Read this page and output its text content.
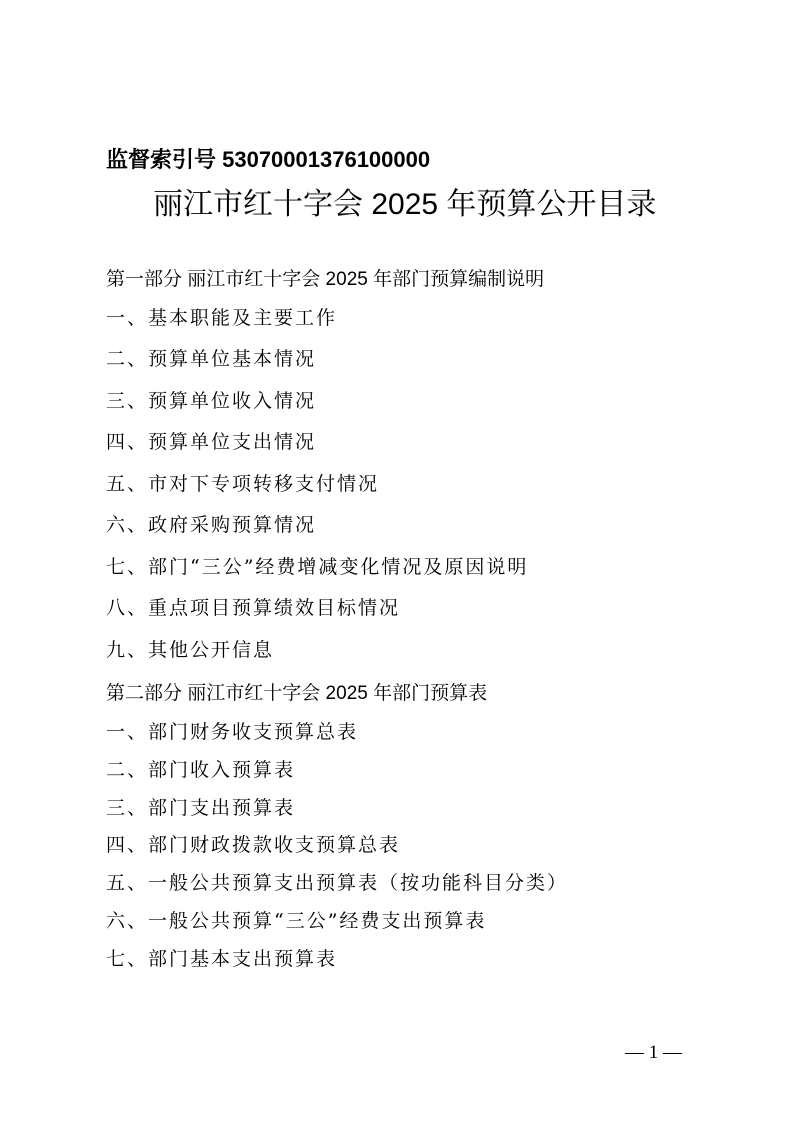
监督索引号 53070001376100000
丽江市红十字会 2025 年预算公开目录
第一部分 丽江市红十字会 2025 年部门预算编制说明
一、基本职能及主要工作
二、预算单位基本情况
三、预算单位收入情况
四、预算单位支出情况
五、市对下专项转移支付情况
六、政府采购预算情况
七、部门“三公”经费增减变化情况及原因说明
八、重点项目预算绩效目标情况
九、其他公开信息
第二部分 丽江市红十字会 2025 年部门预算表
一、部门财务收支预算总表
二、部门收入预算表
三、部门支出预算表
四、部门财政拨款收支预算总表
五、一般公共预算支出预算表（按功能科目分类）
六、一般公共预算“三公”经费支出预算表
七、部门基本支出预算表
— 1 —
